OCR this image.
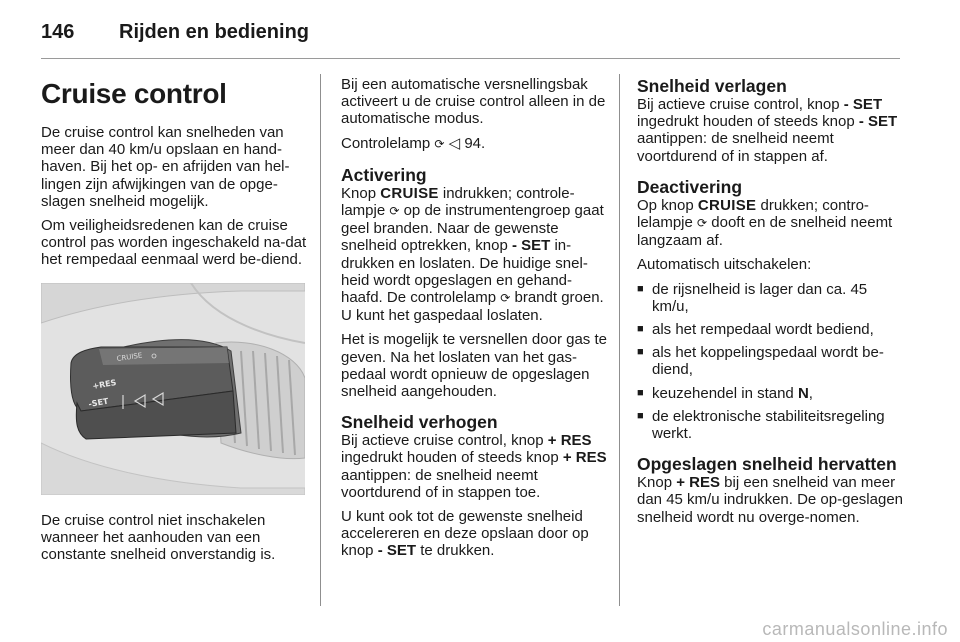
146	Rijden en bediening
Cruise control

De cruise control kan snelheden van meer dan 40 km/u opslaan en hand-haven. Bij het op- en afrijden van hel-lingen zijn afwijkingen van de opge-slagen snelheid mogelijk.

Om veiligheidsredenen kan de cruise control pas worden ingeschakeld na-dat het rempedaal eenmaal werd be-diend.

CRUISE
+RES
-SET

De cruise control niet inschakelen wanneer het aanhouden van een constante snelheid onverstandig is.

Bij een automatische versnellingsbak activeert u de cruise control alleen in de automatische modus.

Controlelamp ⟳ ◁ 94.

Activering

Knop CRUISE indrukken; controle-lampje ⟳ op de instrumentengroep gaat geel branden. Naar de gewenste snelheid optrekken, knop - SET in-drukken en loslaten. De huidige snel-heid wordt opgeslagen en gehand-haafd. De controlelamp ⟳ brandt groen. U kunt het gaspedaal loslaten.

Het is mogelijk te versnellen door gas te geven. Na het loslaten van het gas-pedaal wordt opnieuw de opgeslagen snelheid aangehouden.

Snelheid verhogen

Bij actieve cruise control, knop + RES ingedrukt houden of steeds knop + RES aantippen: de snelheid neemt voortdurend of in stappen toe.

U kunt ook tot de gewenste snelheid accelereren en deze opslaan door op knop - SET te drukken.

Snelheid verlagen

Bij actieve cruise control, knop - SET ingedrukt houden of steeds knop - SET aantippen: de snelheid neemt voortdurend of in stappen af.

Deactivering

Op knop CRUISE drukken; contro-lelampje ⟳ dooft en de snelheid neemt langzaam af.

Automatisch uitschakelen:

■ de rijsnelheid is lager dan ca. 45 km/u,
■ als het rempedaal wordt bediend,
■ als het koppelingspedaal wordt be-diend,
■ keuzehendel in stand N,
■ de elektronische stabiliteitsregeling werkt.
Opgeslagen snelheid hervatten

Knop + RES bij een snelheid van meer dan 45 km/u indrukken. De op-geslagen snelheid wordt nu overge-nomen.

carmanualsonline.info
